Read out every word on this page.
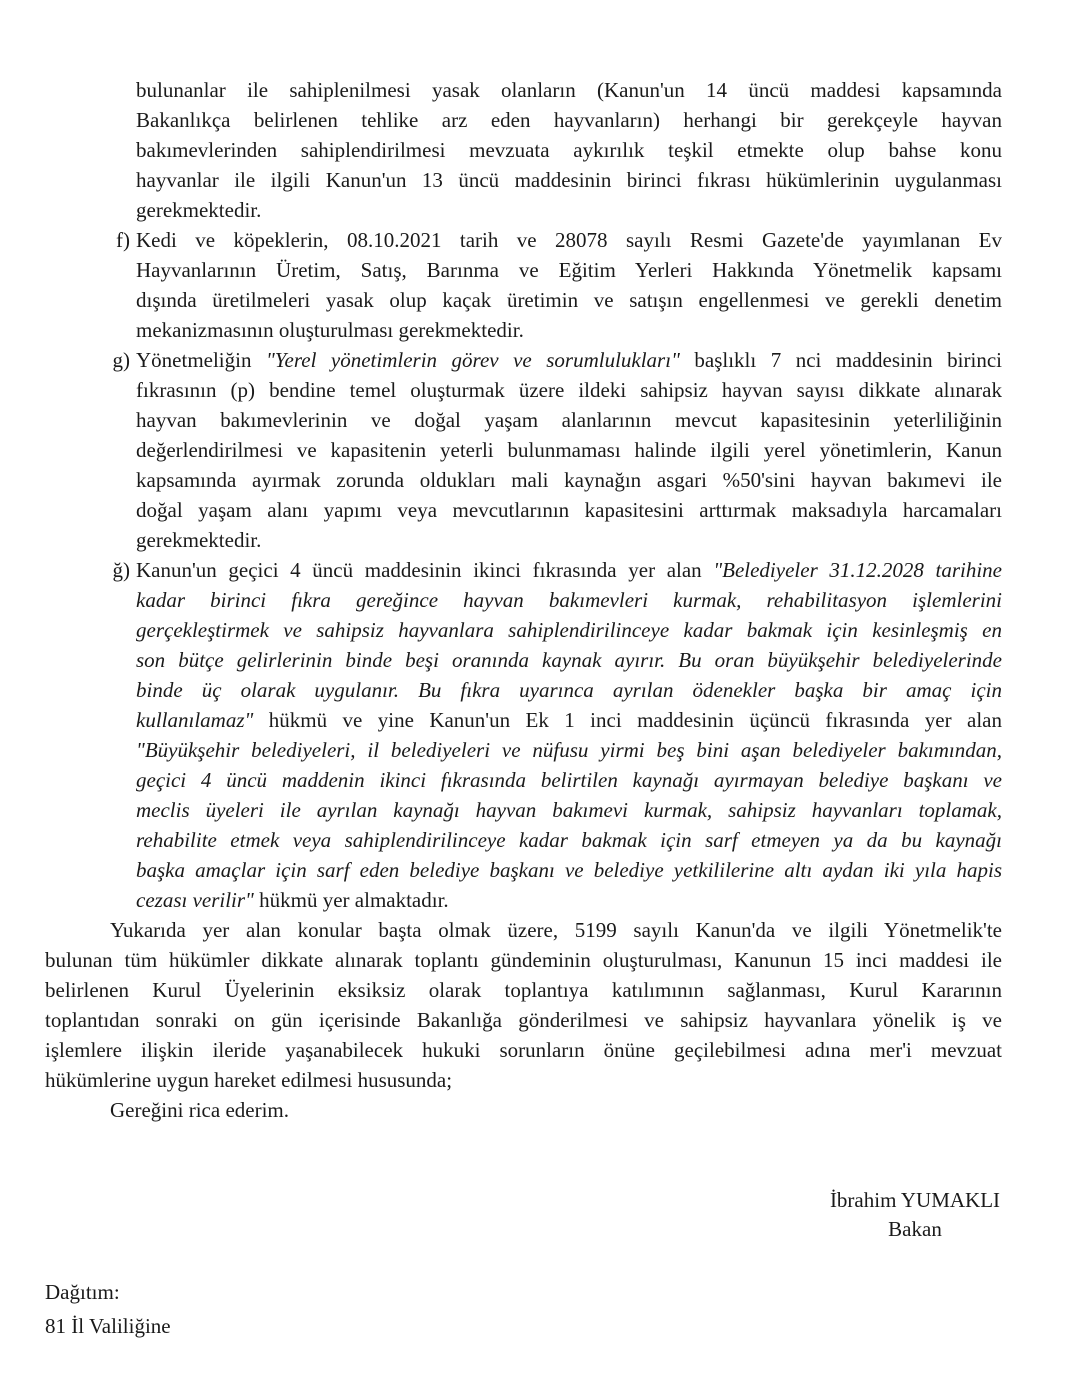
bulunanlar ile sahiplenilmesi yasak olanların (Kanun'un 14 üncü maddesi kapsamında
Bakanlıkça belirlenen tehlike arz eden hayvanların) herhangi bir gerekçeyle hayvan
bakımevlerinden sahiplendirilmesi mevzuata aykırılık teşkil etmekte olup bahse konu
hayvanlar ile ilgili Kanun'un 13 üncü maddesinin birinci fıkrası hükümlerinin uygulanması
gerekmektedir.
f) Kedi ve köpeklerin, 08.10.2021 tarih ve 28078 sayılı Resmi Gazete'de yayımlanan Ev
Hayvanlarının Üretim, Satış, Barınma ve Eğitim Yerleri Hakkında Yönetmelik kapsamı
dışında üretilmeleri yasak olup kaçak üretimin ve satışın engellenmesi ve gerekli denetim
mekanizmasının oluşturulması gerekmektedir.
g) Yönetmeliğin "Yerel yönetimlerin görev ve sorumlulukları" başlıklı 7 nci maddesinin birinci
fıkrasının (p) bendine temel oluşturmak üzere ildeki sahipsiz hayvan sayısı dikkate alınarak
hayvan bakımevlerinin ve doğal yaşam alanlarının mevcut kapasitesinin yeterliliğinin
değerlendirilmesi ve kapasitenin yeterli bulunmaması halinde ilgili yerel yönetimlerin, Kanun
kapsamında ayırmak zorunda oldukları mali kaynağın asgari %50'sini hayvan bakımevi ile
doğal yaşam alanı yapımı veya mevcutlarının kapasitesini arttırmak maksadıyla harcamaları
gerekmektedir.
ğ) Kanun'un geçici 4 üncü maddesinin ikinci fıkrasında yer alan "Belediyeler 31.12.2028 tarihine
kadar birinci fıkra gereğince hayvan bakımevleri kurmak, rehabilitasyon işlemlerini
gerçekleştirmek ve sahipsiz hayvanlara sahiplendirilinceye kadar bakmak için kesinleşmiş en
son bütçe gelirlerinin binde beşi oranında kaynak ayırır. Bu oran büyükşehir belediyelerinde
binde üç olarak uygulanır. Bu fıkra uyarınca ayrılan ödenekler başka bir amaç için
kullanılamaz" hükmü ve yine Kanun'un Ek 1 inci maddesinin üçüncü fıkrasında yer alan
"Büyükşehir belediyeleri, il belediyeleri ve nüfusu yirmi beş bini aşan belediyeler bakımından,
geçici 4 üncü maddenin ikinci fıkrasında belirtilen kaynağı ayırmayan belediye başkanı ve
meclis üyeleri ile ayrılan kaynağı hayvan bakımevi kurmak, sahipsiz hayvanları toplamak,
rehabilite etmek veya sahiplendirilinceye kadar bakmak için sarf etmeyen ya da bu kaynağı
başka amaçlar için sarf eden belediye başkanı ve belediye yetkililerine altı aydan iki yıla hapis
cezası verilir" hükmü yer almaktadır.
Yukarıda yer alan konular başta olmak üzere, 5199 sayılı Kanun'da ve ilgili Yönetmelik'te
bulunan tüm hükümler dikkate alınarak toplantı gündeminin oluşturulması, Kanunun 15 inci maddesi ile
belirlenen Kurul Üyelerinin eksiksiz olarak toplantıya katılımının sağlanması, Kurul Kararının
toplantıdan sonraki on gün içerisinde Bakanlığa gönderilmesi ve sahipsiz hayvanlara yönelik iş ve
işlemlere ilişkin ileride yaşanabilecek hukuki sorunların önüne geçilebilmesi adına mer'i mevzuat
hükümlerine uygun hareket edilmesi hususunda;
Gereğini rica ederim.
İbrahim YUMAKLI
Bakan
Dağıtım:
81 İl Valiliğine
